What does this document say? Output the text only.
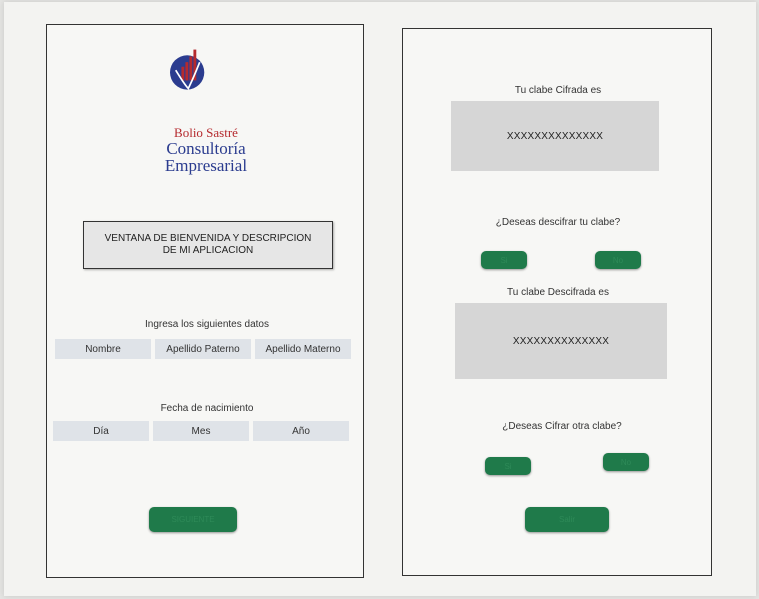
Bolio Sastré
Consultoría
Empresarial
VENTANA DE BIENVENIDA Y DESCRIPCION
DE MI APLICACION
Ingresa los siguientes datos
Nombre	Apellido Paterno	Apellido Materno
Fecha de nacimiento
Día	Mes	Año
SIGUIENTE
Tu clabe Cifrada es
XXXXXXXXXXXXXX
¿Deseas descifrar tu clabe?
Si	No
Tu clabe Descifrada es
XXXXXXXXXXXXXX
¿Deseas Cifrar otra clabe?
Si	No
Salir
